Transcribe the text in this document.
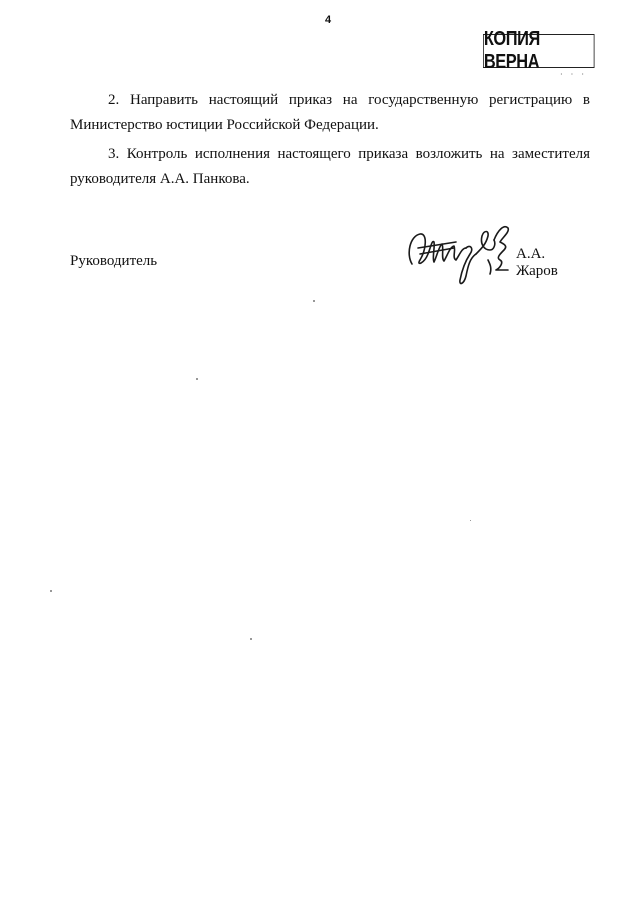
4
КОПИЯ ВЕРНА
· · ·
2. Направить настоящий приказ на государственную регистрацию в Министерство юстиции Российской Федерации.
3. Контроль исполнения настоящего приказа возложить на заместителя руководителя А.А. Панкова.
Руководитель	А.А. Жаров
